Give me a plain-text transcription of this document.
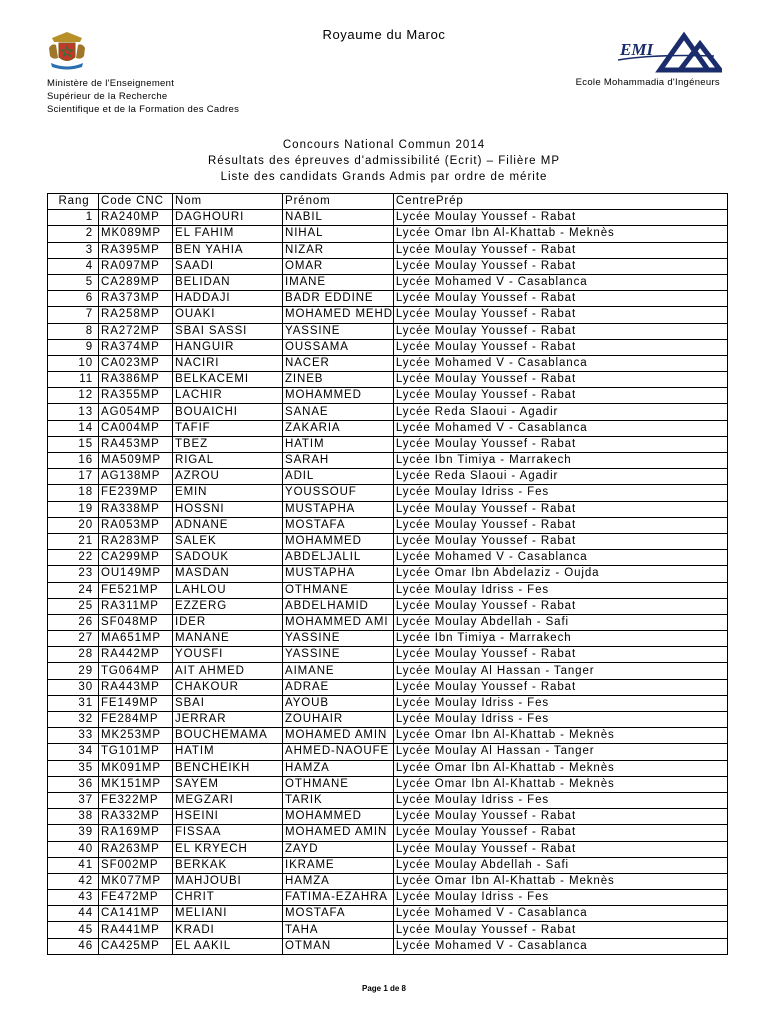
Royaume du Maroc
Ministère de l'Enseignement
Supérieur de la Recherche
Scientifique et de la Formation des Cadres
EMI
Ecole Mohammadia d'Ingéneurs
Concours National Commun 2014
Résultats des épreuves d'admissibilité (Ecrit) – Filière MP
Liste des candidats Grands Admis par ordre de mérite
Rang	Code CNC	Nom	Prénom	CentrePrép
1	RA240MP	DAGHOURI	NABIL	Lycée Moulay Youssef - Rabat
2	MK089MP	EL FAHIM	NIHAL	Lycée Omar Ibn Al-Khattab - Meknès
3	RA395MP	BEN YAHIA	NIZAR	Lycée Moulay Youssef - Rabat
4	RA097MP	SAADI	OMAR	Lycée Moulay Youssef - Rabat
5	CA289MP	BELIDAN	IMANE	Lycée Mohamed V - Casablanca
6	RA373MP	HADDAJI	BADR EDDINE	Lycée Moulay Youssef - Rabat
7	RA258MP	OUAKI	MOHAMED MEHD	Lycée Moulay Youssef - Rabat
8	RA272MP	SBAI SASSI	YASSINE	Lycée Moulay Youssef - Rabat
9	RA374MP	HANGUIR	OUSSAMA	Lycée Moulay Youssef - Rabat
10	CA023MP	NACIRI	NACER	Lycée Mohamed V - Casablanca
11	RA386MP	BELKACEMI	ZINEB	Lycée Moulay Youssef - Rabat
12	RA355MP	LACHIR	MOHAMMED	Lycée Moulay Youssef - Rabat
13	AG054MP	BOUAICHI	SANAE	Lycée Reda Slaoui - Agadir
14	CA004MP	TAFIF	ZAKARIA	Lycée Mohamed V - Casablanca
15	RA453MP	TBEZ	HATIM	Lycée Moulay Youssef - Rabat
16	MA509MP	RIGAL	SARAH	Lycée Ibn Timiya - Marrakech
17	AG138MP	AZROU	ADIL	Lycée Reda Slaoui - Agadir
18	FE239MP	EMIN	YOUSSOUF	Lycée Moulay Idriss - Fes
19	RA338MP	HOSSNI	MUSTAPHA	Lycée Moulay Youssef - Rabat
20	RA053MP	ADNANE	MOSTAFA	Lycée Moulay Youssef - Rabat
21	RA283MP	SALEK	MOHAMMED	Lycée Moulay Youssef - Rabat
22	CA299MP	SADOUK	ABDELJALIL	Lycée Mohamed V - Casablanca
23	OU149MP	MASDAN	MUSTAPHA	Lycée Omar Ibn Abdelaziz - Oujda
24	FE521MP	LAHLOU	OTHMANE	Lycée Moulay Idriss - Fes
25	RA311MP	EZZERG	ABDELHAMID	Lycée Moulay Youssef - Rabat
26	SF048MP	IDER	MOHAMMED AMI	Lycée Moulay Abdellah - Safi
27	MA651MP	MANANE	YASSINE	Lycée Ibn Timiya - Marrakech
28	RA442MP	YOUSFI	YASSINE	Lycée Moulay Youssef - Rabat
29	TG064MP	AIT AHMED	AIMANE	Lycée Moulay Al Hassan - Tanger
30	RA443MP	CHAKOUR	ADRAE	Lycée Moulay Youssef - Rabat
31	FE149MP	SBAI	AYOUB	Lycée Moulay Idriss - Fes
32	FE284MP	JERRAR	ZOUHAIR	Lycée Moulay Idriss - Fes
33	MK253MP	BOUCHEMAMA	MOHAMED AMIN	Lycée Omar Ibn Al-Khattab - Meknès
34	TG101MP	HATIM	AHMED-NAOUFE	Lycée Moulay Al Hassan - Tanger
35	MK091MP	BENCHEIKH	HAMZA	Lycée Omar Ibn Al-Khattab - Meknès
36	MK151MP	SAYEM	OTHMANE	Lycée Omar Ibn Al-Khattab - Meknès
37	FE322MP	MEGZARI	TARIK	Lycée Moulay Idriss - Fes
38	RA332MP	HSEINI	MOHAMMED	Lycée Moulay Youssef - Rabat
39	RA169MP	FISSAA	MOHAMED AMIN	Lycée Moulay Youssef - Rabat
40	RA263MP	EL KRYECH	ZAYD	Lycée Moulay Youssef - Rabat
41	SF002MP	BERKAK	IKRAME	Lycée Moulay Abdellah - Safi
42	MK077MP	MAHJOUBI	HAMZA	Lycée Omar Ibn Al-Khattab - Meknès
43	FE472MP	CHRIT	FATIMA-EZAHRA	Lycée Moulay Idriss - Fes
44	CA141MP	MELIANI	MOSTAFA	Lycée Mohamed V - Casablanca
45	RA441MP	KRADI	TAHA	Lycée Moulay Youssef - Rabat
46	CA425MP	EL AAKIL	OTMAN	Lycée Mohamed V - Casablanca
Page 1 de 8
